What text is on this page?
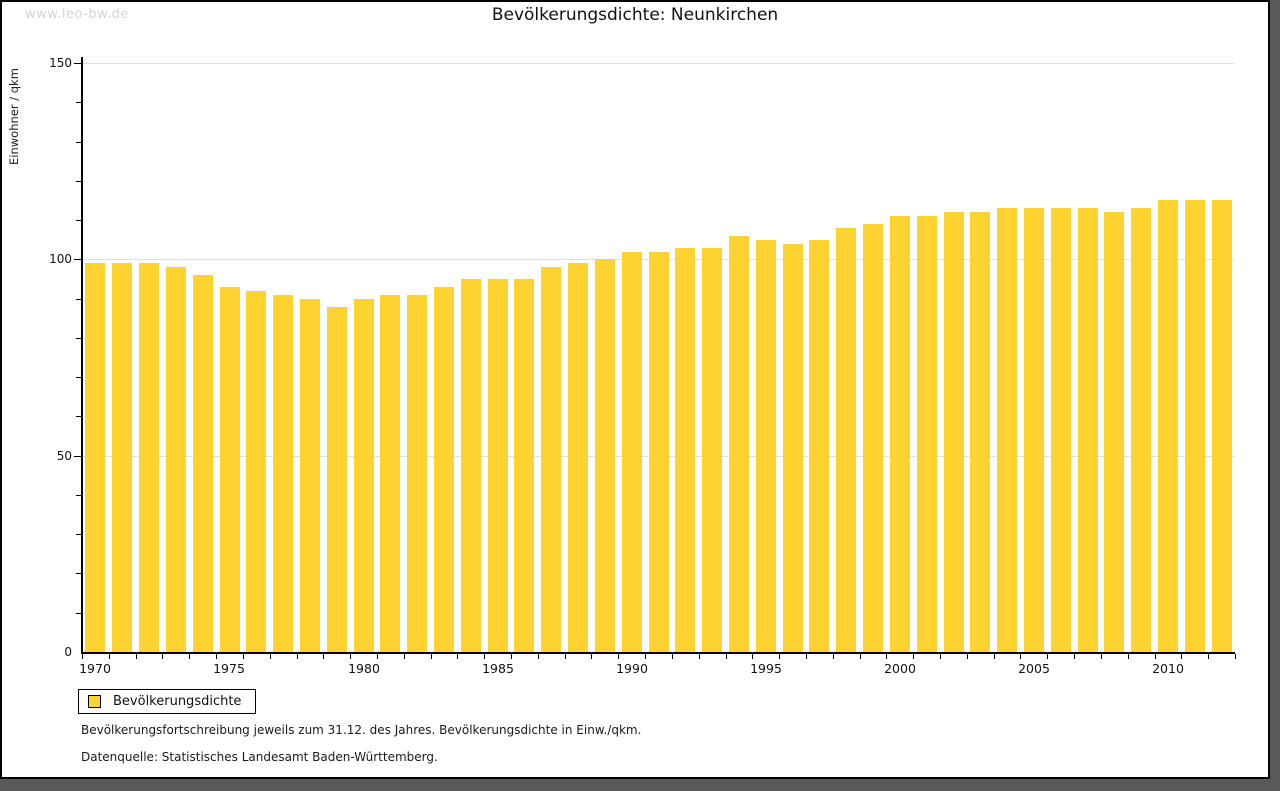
www.leo-bw.de	Bevölkerungsdichte: Neunkirchen
Einwohner / qkm
0
50
100
150
1970	1975	1980	1985	1990	1995	2000	2005	2010
Bevölkerungsdichte
Bevölkerungsfortschreibung jeweils zum 31.12. des Jahres. Bevölkerungsdichte in Einw./qkm.
Datenquelle: Statistisches Landesamt Baden-Württemberg.
